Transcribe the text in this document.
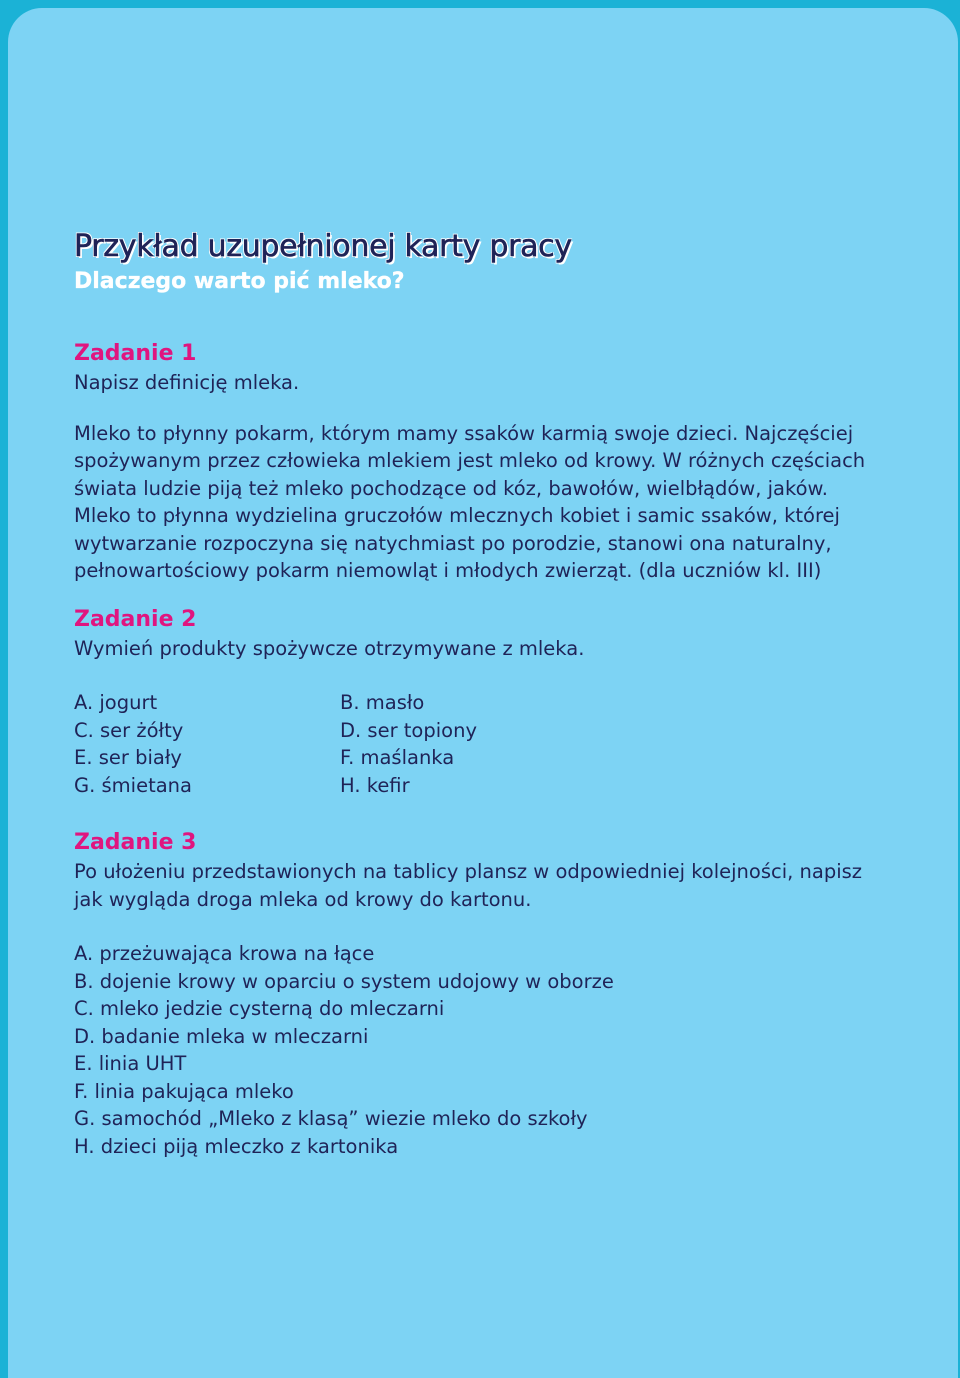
Przykład uzupełnionej karty pracy
Dlaczego warto pić mleko?
Zadanie 1

Napisz definicję mleka.

Mleko to płynny pokarm, którym mamy ssaków karmią swoje dzieci. Najczęściej

spożywanym przez człowieka mlekiem jest mleko od krowy. W różnych częściach

świata ludzie piją też mleko pochodzące od kóz, bawołów, wielbłądów, jaków.

Mleko to płynna wydzielina gruczołów mlecznych kobiet i samic ssaków, której

wytwarzanie rozpoczyna się natychmiast po porodzie, stanowi ona naturalny,

pełnowartościowy pokarm niemowląt i młodych zwierząt. (dla uczniów kl. III)

Zadanie 2

Wymień produkty spożywcze otrzymywane z mleka.

A. jogurt	B. masło

C. ser żółty	D. ser topiony

E. ser biały	F. maślanka

G. śmietana	H. kefir

Zadanie 3

Po ułożeniu przedstawionych na tablicy plansz w odpowiedniej kolejności, napisz

jak wygląda droga mleka od krowy do kartonu.

A. przeżuwająca krowa na łące

B. dojenie krowy w oparciu o system udojowy w oborze

C. mleko jedzie cysterną do mleczarni

D. badanie mleka w mleczarni

E. linia UHT

F. linia pakująca mleko

G. samochód „Mleko z klasą” wiezie mleko do szkoły

H. dzieci piją mleczko z kartonika
